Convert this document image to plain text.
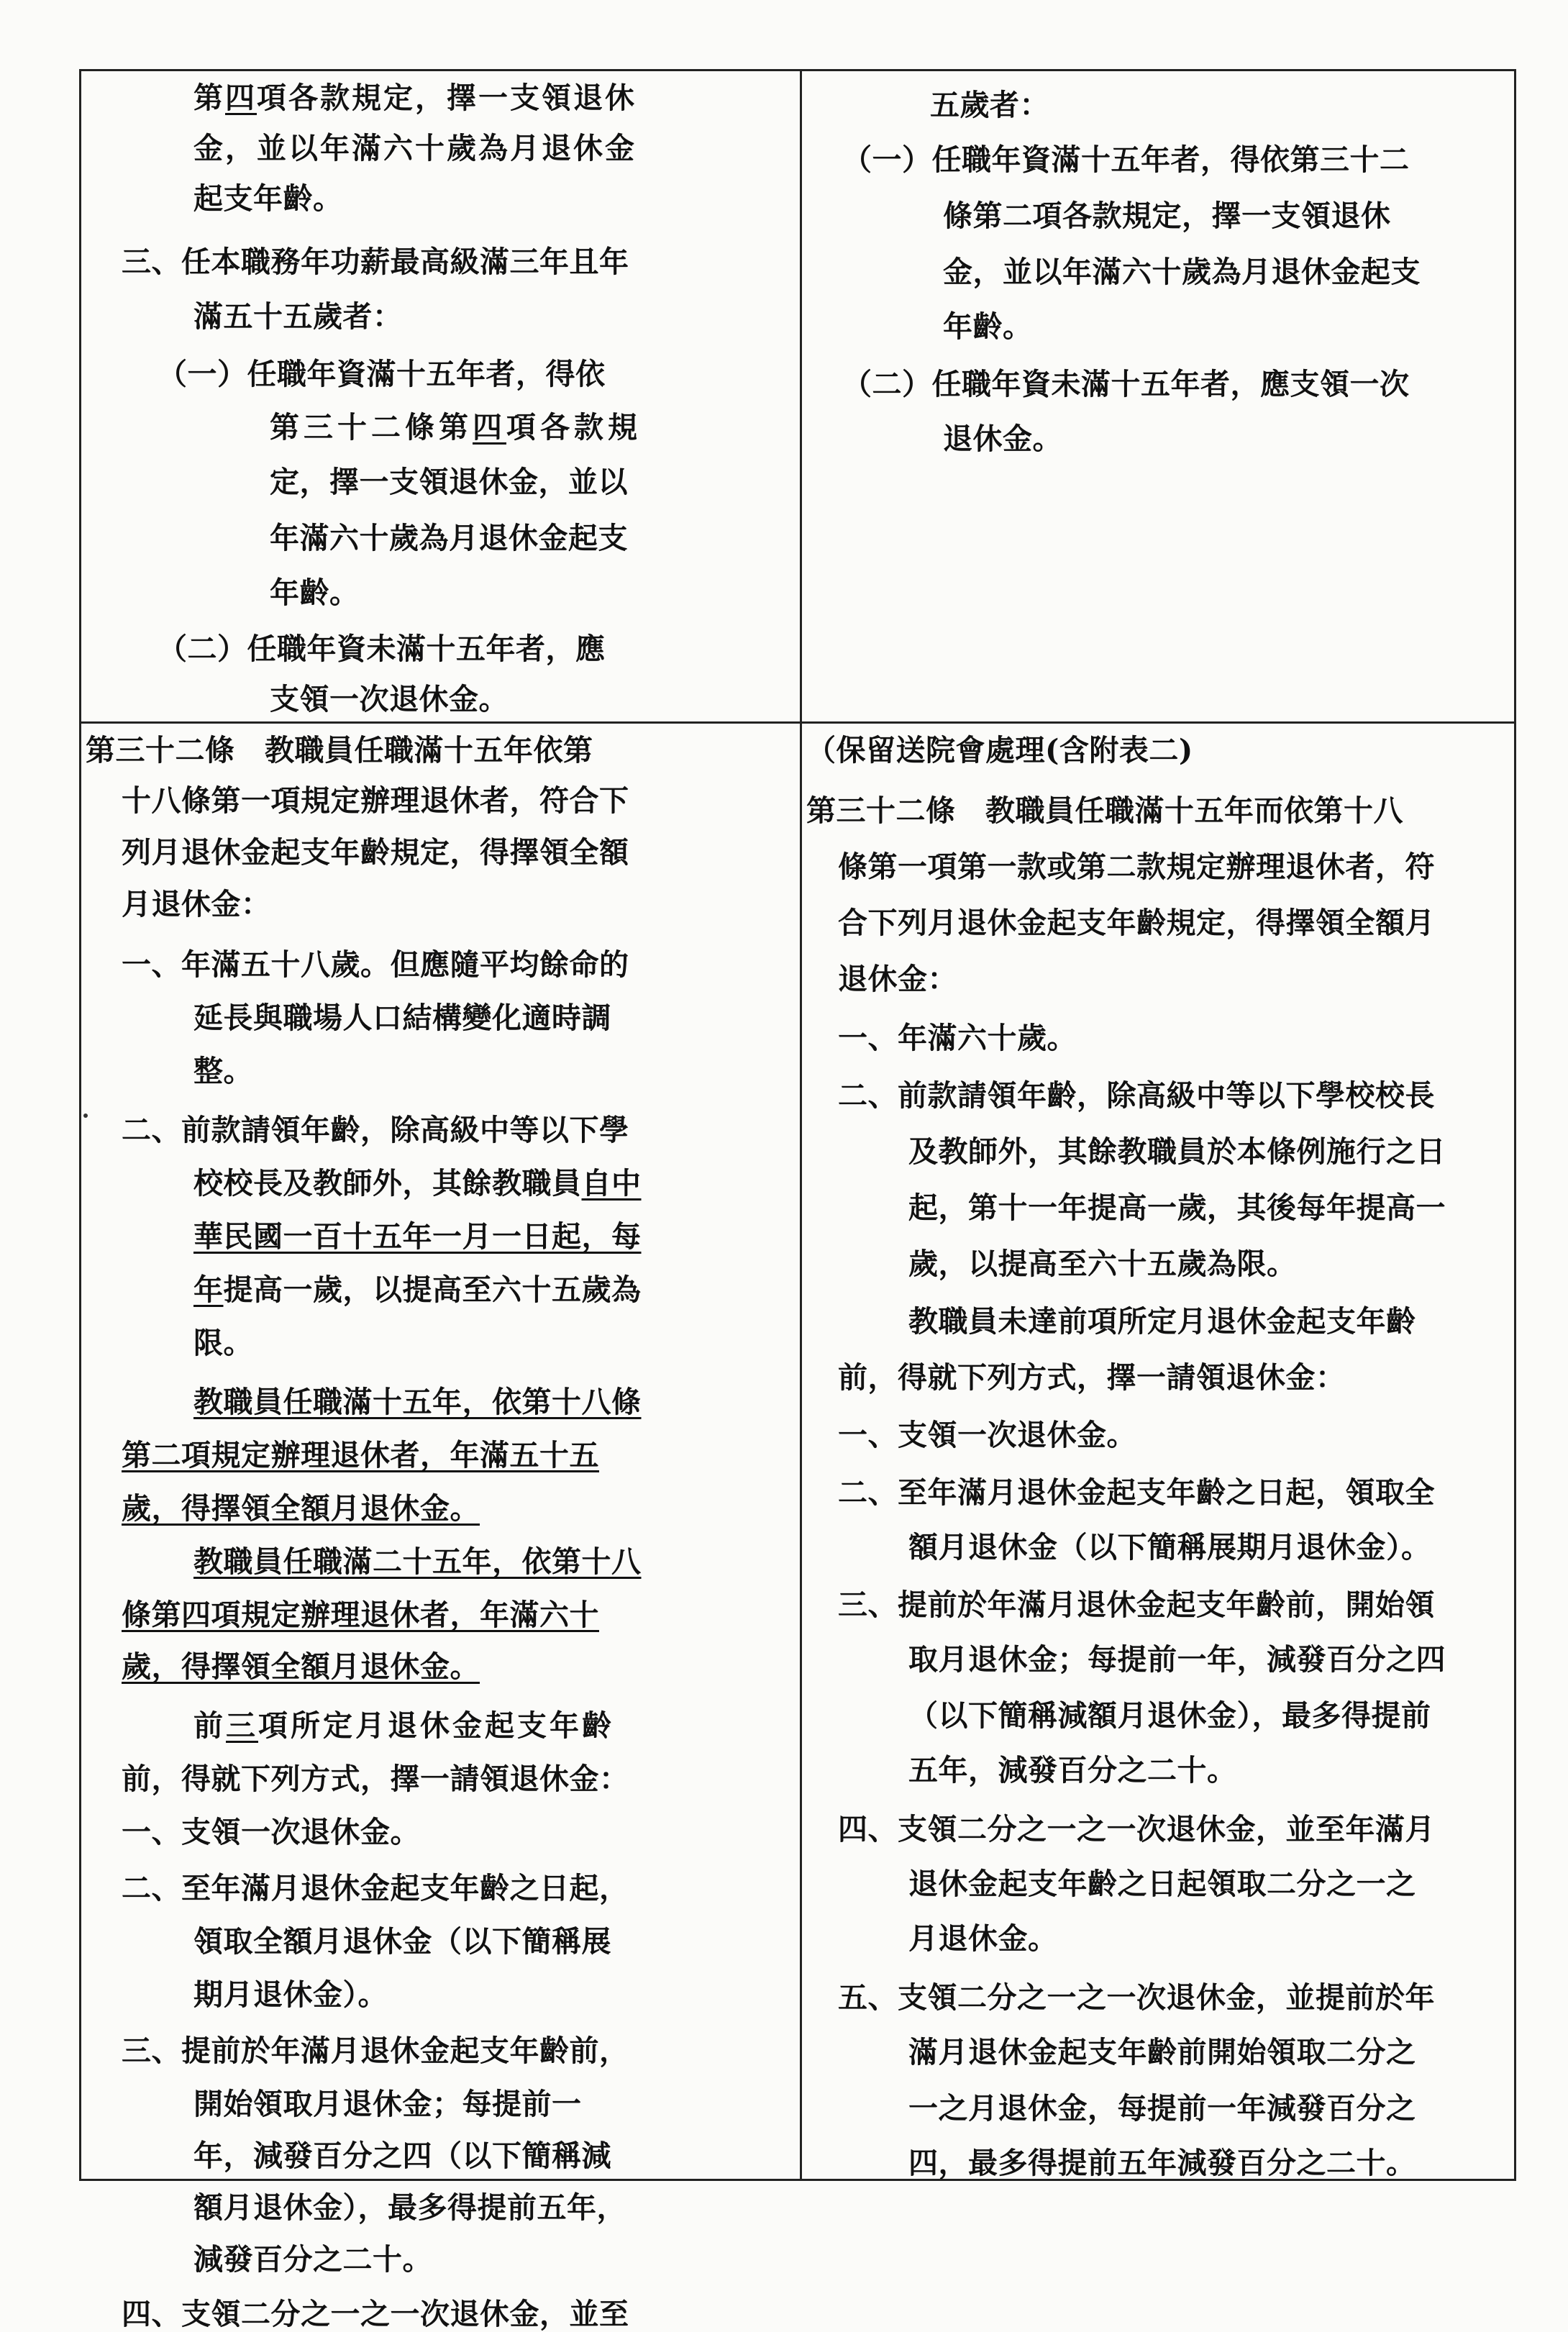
第四項各款規定，擇一支領退休

金，並以年滿六十歲為月退休金

起支年齡。

三、任本職務年功薪最高級滿三年且年

滿五十五歲者：

（一）任職年資滿十五年者，得依

第三十二條第四項各款規

定，擇一支領退休金，並以

年滿六十歲為月退休金起支

年齡。

（二）任職年資未滿十五年者，應

支領一次退休金。

五歲者：

（一）任職年資滿十五年者，得依第三十二

條第二項各款規定，擇一支領退休

金，並以年滿六十歲為月退休金起支

年齡。

（二）任職年資未滿十五年者，應支領一次

退休金。

第三十二條　教職員任職滿十五年依第

十八條第一項規定辦理退休者，符合下

列月退休金起支年齡規定，得擇領全額

月退休金：

一、年滿五十八歲。但應隨平均餘命的

延長與職場人口結構變化適時調

整。

二、前款請領年齡，除高級中等以下學

校校長及教師外，其餘教職員自中

華民國一百十五年一月一日起，每

年提高一歲，以提高至六十五歲為

限。

教職員任職滿十五年，依第十八條

第二項規定辦理退休者，年滿五十五

歲，得擇領全額月退休金。

教職員任職滿二十五年，依第十八

條第四項規定辦理退休者，年滿六十

歲，得擇領全額月退休金。

前三項所定月退休金起支年齡

前，得就下列方式，擇一請領退休金：

一、支領一次退休金。

二、至年滿月退休金起支年齡之日起，

領取全額月退休金（以下簡稱展

期月退休金）。

三、提前於年滿月退休金起支年齡前，

開始領取月退休金；每提前一

年，減發百分之四（以下簡稱減

額月退休金），最多得提前五年，

減發百分之二十。

四、支領二分之一之一次退休金，並至

（保留送院會處理(含附表二)

第三十二條　教職員任職滿十五年而依第十八

條第一項第一款或第二款規定辦理退休者，符

合下列月退休金起支年齡規定，得擇領全額月

退休金：

一、年滿六十歲。

二、前款請領年齡，除高級中等以下學校校長

及教師外，其餘教職員於本條例施行之日

起，第十一年提高一歲，其後每年提高一

歲，以提高至六十五歲為限。

教職員未達前項所定月退休金起支年齡

前，得就下列方式，擇一請領退休金：

一、支領一次退休金。

二、至年滿月退休金起支年齡之日起，領取全

額月退休金（以下簡稱展期月退休金）。

三、提前於年滿月退休金起支年齡前，開始領

取月退休金；每提前一年，減發百分之四

（以下簡稱減額月退休金），最多得提前

五年，減發百分之二十。

四、支領二分之一之一次退休金，並至年滿月

退休金起支年齡之日起領取二分之一之

月退休金。

五、支領二分之一之一次退休金，並提前於年

滿月退休金起支年齡前開始領取二分之

一之月退休金，每提前一年減發百分之

四，最多得提前五年減發百分之二十。
